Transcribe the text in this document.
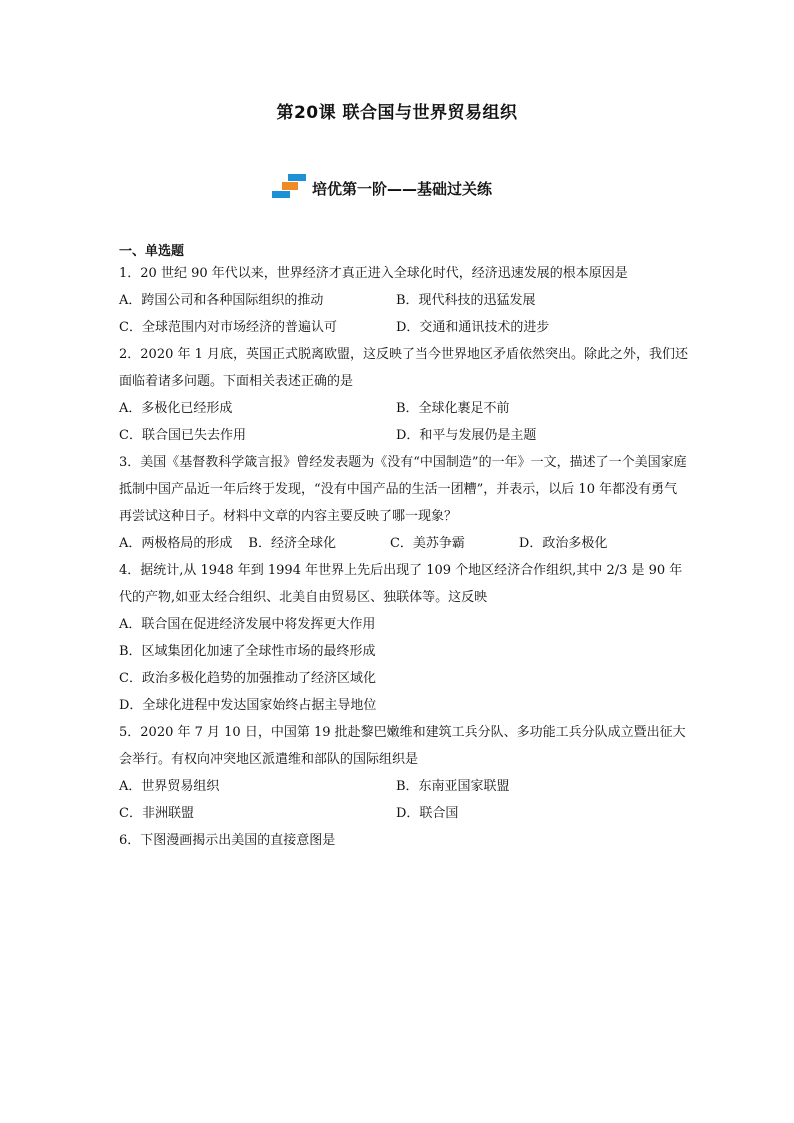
第20课 联合国与世界贸易组织
培优第一阶——基础过关练
一、单选题

1．20 世纪 90 年代以来，世界经济才真正进入全球化时代，经济迅速发展的根本原因是

A．跨国公司和各种国际组织的推动	B．现代科技的迅猛发展
C．全球范围内对市场经济的普遍认可	D．交通和通讯技术的进步

2．2020 年 1 月底，英国正式脱离欧盟，这反映了当今世界地区矛盾依然突出。除此之外，我们还面临着诸多问题。下面相关表述正确的是

A．多极化已经形成	B．全球化裹足不前
C．联合国已失去作用	D．和平与发展仍是主题

3．美国《基督教科学箴言报》曾经发表题为《没有“中国制造”的一年》一文，描述了一个美国家庭抵制中国产品近一年后终于发现，“没有中国产品的生活一团糟”，并表示，以后 10 年都没有勇气再尝试这种日子。材料中文章的内容主要反映了哪一现象？

A．两极格局的形成 B．经济全球化	C．美苏争霸	D．政治多极化

4．据统计,从 1948 年到 1994 年世界上先后出现了 109 个地区经济合作组织,其中 2/3 是 90 年代的产物,如亚太经合组织、北美自由贸易区、独联体等。这反映

A．联合国在促进经济发展中将发挥更大作用
B．区域集团化加速了全球性市场的最终形成
C．政治多极化趋势的加强推动了经济区域化
D．全球化进程中发达国家始终占据主导地位

5．2020 年 7 月 10 日，中国第 19 批赴黎巴嫩维和建筑工兵分队、多功能工兵分队成立暨出征大会举行。有权向冲突地区派遣维和部队的国际组织是

A．世界贸易组织	B．东南亚国家联盟
C．非洲联盟	D．联合国

6．下图漫画揭示出美国的直接意图是
